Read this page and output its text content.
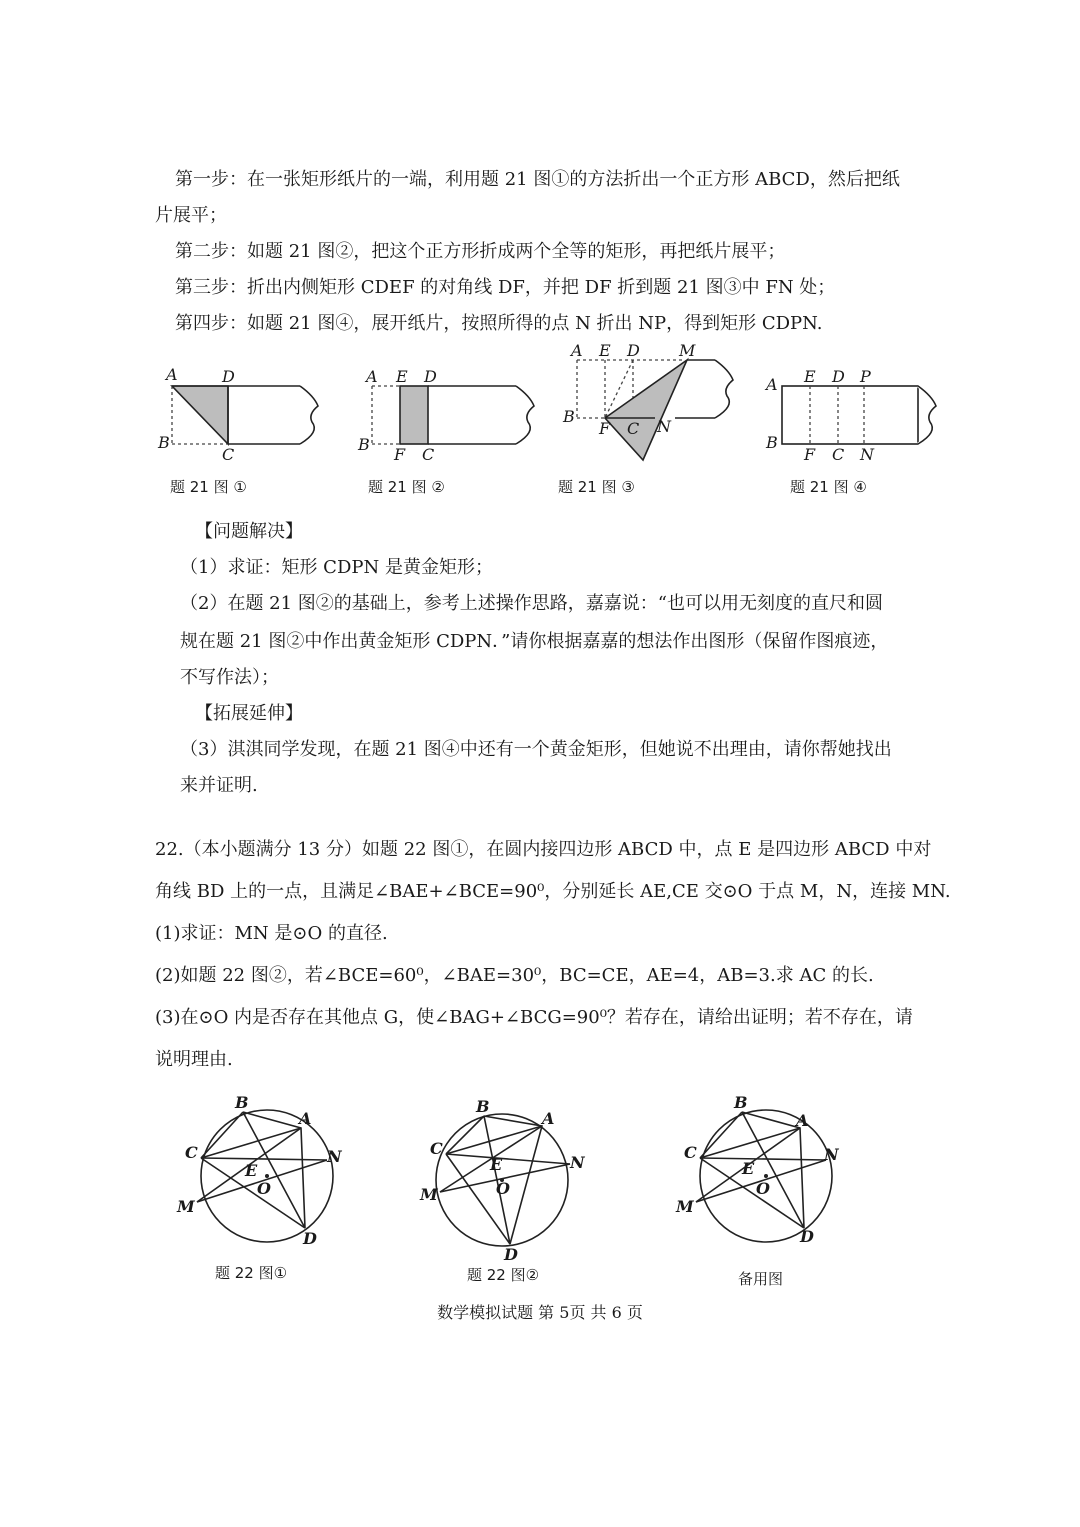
第一步：在一张矩形纸片的一端，利用题 21 图①的方法折出一个正方形 ABCD，然后把纸
片展平；
第二步：如题 21 图②，把这个正方形折成两个全等的矩形，再把纸片展平；
第三步：折出内侧矩形 CDEF 的对角线 DF，并把 DF 折到题 21 图③中 FN 处；
第四步：如题 21 图④，展开纸片，按照所得的点 N 折出 NP，得到矩形 CDPN.
A	D
B
C
题 21 图 ①
A E D
B
F C
题 21 图 ②
A E D M
B
F C N
题 21 图 ③
A E D P
B
F C N
题 21 图 ④
【问题解决】
（1）求证：矩形 CDPN 是黄金矩形；
（2）在题 21 图②的基础上，参考上述操作思路，嘉嘉说：“也可以用无刻度的直尺和圆
规在题 21 图②中作出黄金矩形 CDPN．”请你根据嘉嘉的想法作出图形（保留作图痕迹，
不写作法）；
【拓展延伸】
（3）淇淇同学发现，在题 21 图④中还有一个黄金矩形，但她说不出理由，请你帮她找出
来并证明.
22.（本小题满分 13 分）如题 22 图①，在圆内接四边形 ABCD 中，点 E 是四边形 ABCD 中对
角线 BD 上的一点，且满足∠BAE+∠BCE=90⁰，分别延长 AE,CE 交⊙O 于点 M，N，连接 MN.
(1)求证：MN 是⊙O 的直径.
(2)如题 22 图②，若∠BCE=60⁰，∠BAE=30⁰，BC=CE，AE=4，AB=3.求 AC 的长.
(3)在⊙O 内是否存在其他点 G，使∠BAG+∠BCG=90⁰？若存在，请给出证明；若不存在，请
说明理由.
B
A
C	N
E
O
M
D
题 22 图①
B
A
C
N
E
O
M
D
题 22 图②
B
A
C	N
E
O
M
D
备用图
数学模拟试题 第 5页 共 6 页
